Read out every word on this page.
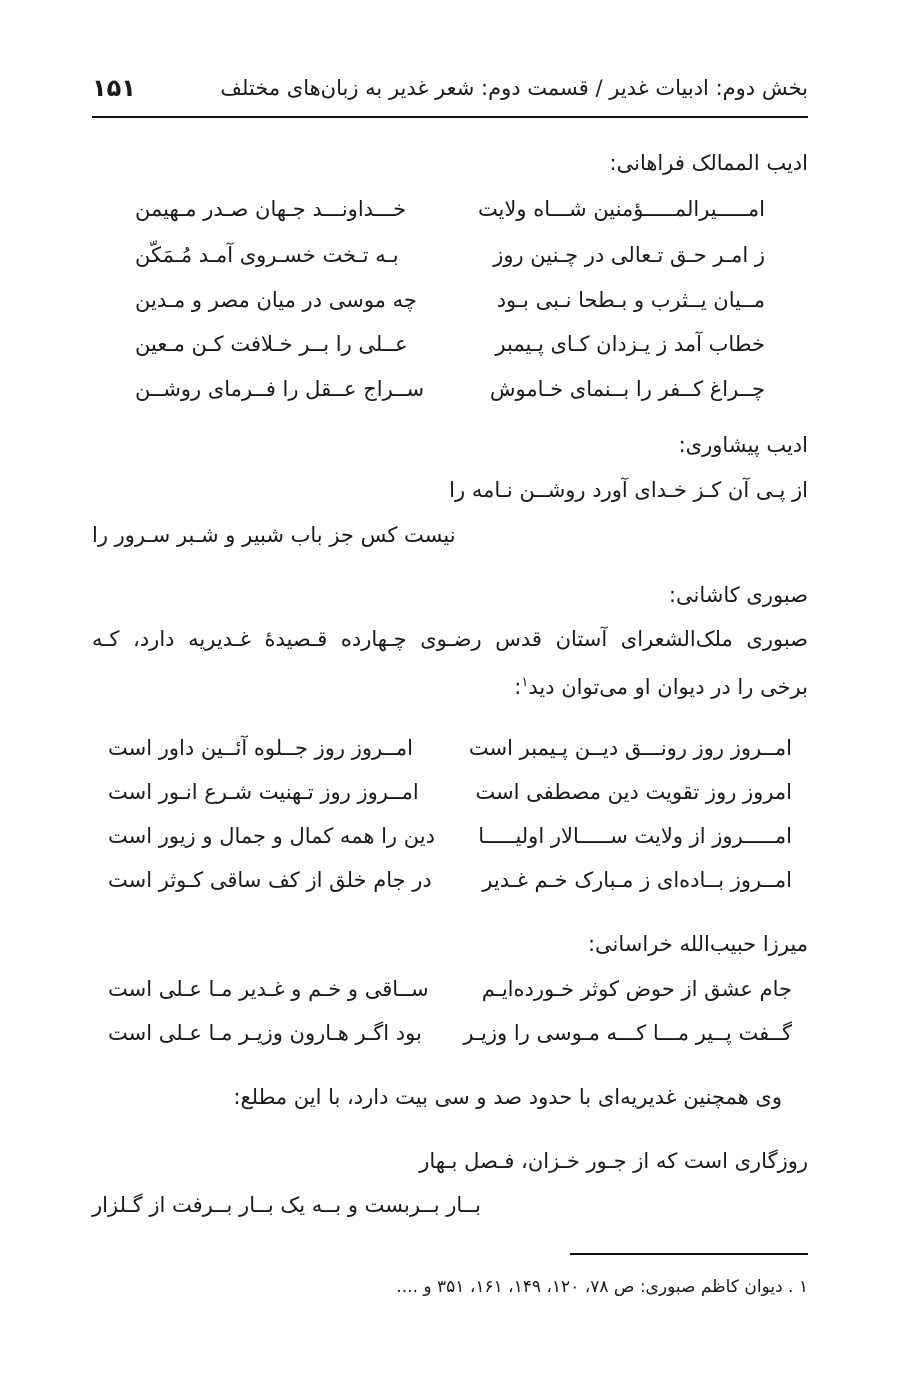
بخش دوم: ادبیات غدیر / قسمت دوم: شعر غدیر به زبان‌های مختلف
۱۵۱
ادیب الممالک فراهانی:
امـــــیرالمـــــؤمنین شـــاه ولایت
خـــداونـــد جـهان صـدر مـهیمن
ز امـر حـق تـعالی در چـنین روز
بـه تـخت خسـروی آمـد مُـمَکّن
مــیان یــثرب و بـطحا نـبی بـود
چه موسی در میان مصر و مـدین
خطاب آمد ز یـزدان کـای پـیمبر
عــلی را بــر خـلافت کـن مـعین
چــراغ کــفر را بــنمای خـاموش
ســراج عــقل را فــرمای روشــن
ادیب پیشاوری:
از پـی آن کـز خـدای آورد روشــن نـامه را
نیست کس جز باب شبیر و شـبر سـرور را
صبوری کاشانی:
صبوری ملک‌الشعرای آستان قدس رضـوی چـهارده قـصیدهٔ غـدیریه دارد، کـه
برخی را در دیوان او می‌توان دید$^۱$:
امــروز روز رونـــق دیــن پـیمبر است
امــروز روز جــلوه آئــین داور است
امروز روز تقویت دین مصطفی است
امــروز روز تـهنیت شـرع انـور است
امـــــروز از ولایت ســـــالار اولیـــــا
دین را همه کمال و جمال و زیور است
امــروز بــاده‌ای ز مـبارک خـم غـدیر
در جام خلق از کف ساقی کـوثر است
میرزا حبیب‌الله خراسانی:
جام عشق از حوض کوثر خـورده‌ایـم
ســاقی و خـم و غـدیر مـا عـلی است
گــفت پــیر مـــا کـــه مـوسی را وزیـر
بود اگـر هـارون وزیـر مـا عـلی است
وی همچنین غدیریه‌ای با حدود صد و سی بیت دارد، با این مطلع:
روزگاری است که از جـور خـزان، فـصل بـهار
بــار بــربست و بــه یک بــار بــرفت از گـلزار
۱ . دیوان کاظم صبوری: ص ۷۸، ۱۲۰، ۱۴۹، ۱۶۱، ۳۵۱ و ....
